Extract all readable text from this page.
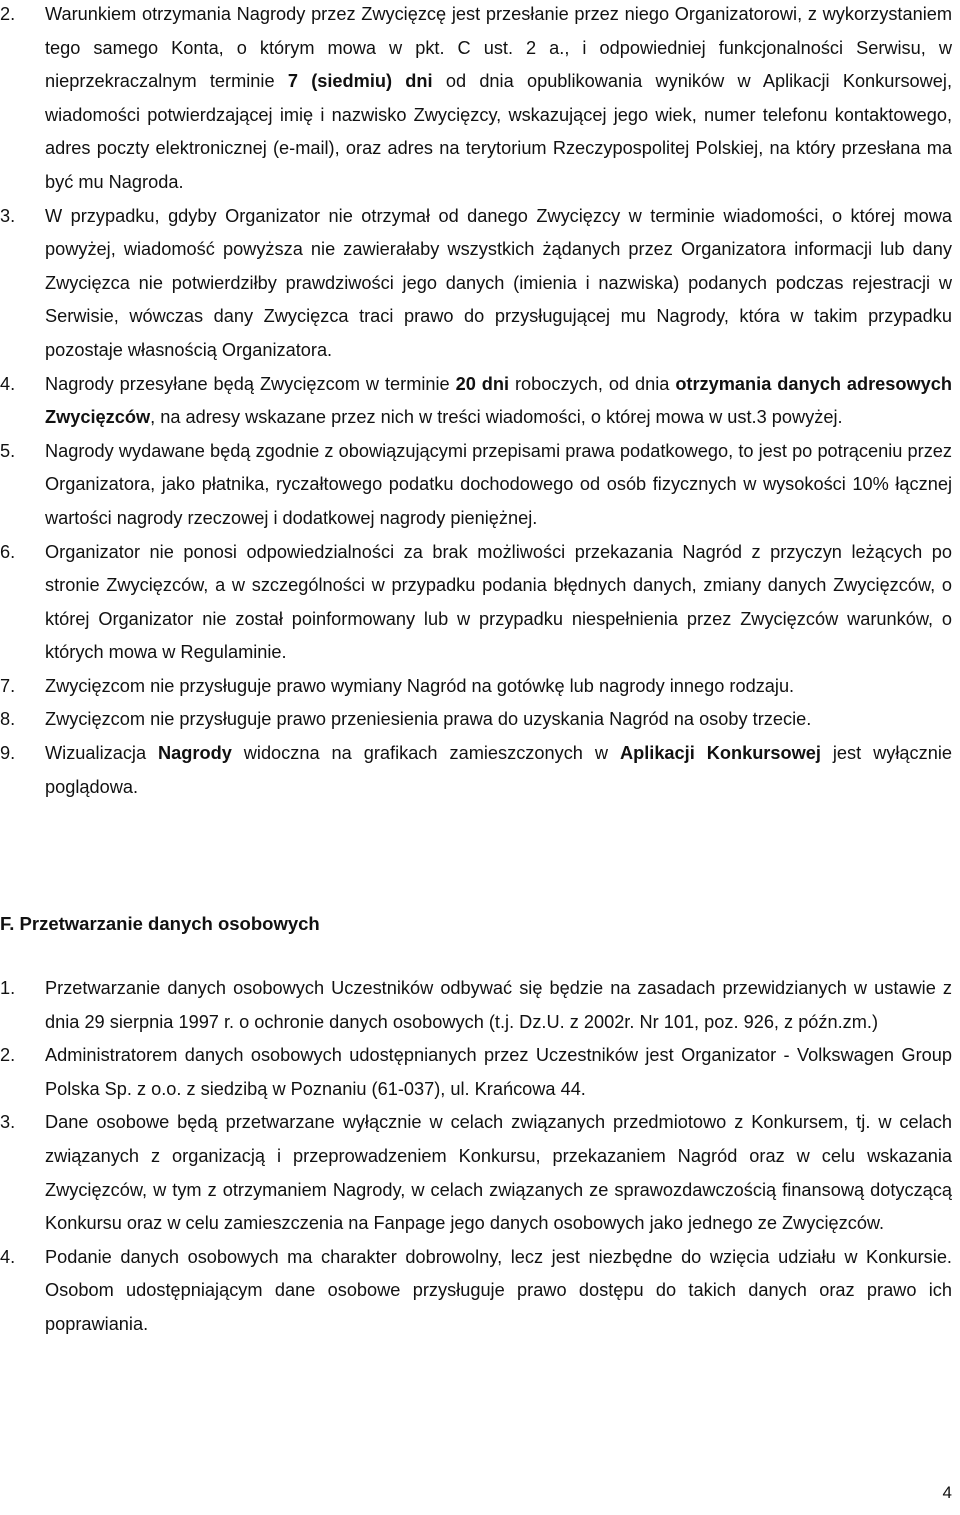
2.	Warunkiem otrzymania Nagrody przez Zwycięzcę jest przesłanie przez niego Organizatorowi, z wykorzystaniem tego samego Konta, o którym mowa w pkt. C ust. 2 a., i odpowiedniej funkcjonalności Serwisu, w nieprzekraczalnym terminie 7 (siedmiu) dni od dnia opublikowania wyników w Aplikacji Konkursowej, wiadomości potwierdzającej imię i nazwisko Zwycięzcy, wskazującej jego wiek, numer telefonu kontaktowego, adres poczty elektronicznej (e-mail), oraz adres na terytorium Rzeczypospolitej Polskiej, na który przesłana ma być mu Nagroda.
3.	W przypadku, gdyby Organizator nie otrzymał od danego Zwycięzcy w terminie wiadomości, o której mowa powyżej, wiadomość powyższa nie zawierałaby wszystkich żądanych przez Organizatora informacji lub dany Zwycięzca nie potwierdziłby prawdziwości jego danych (imienia i nazwiska) podanych podczas rejestracji w Serwisie, wówczas dany Zwycięzca traci prawo do przysługującej mu Nagrody, która w takim przypadku pozostaje własnością Organizatora.
4.	Nagrody przesyłane będą Zwycięzcom w terminie 20 dni roboczych, od dnia otrzymania danych adresowych Zwycięzców, na adresy wskazane przez nich w treści wiadomości, o której mowa w ust.3 powyżej.
5.	Nagrody wydawane będą zgodnie z obowiązującymi przepisami prawa podatkowego, to jest po potrąceniu przez Organizatora, jako płatnika, ryczałtowego podatku dochodowego od osób fizycznych w wysokości 10% łącznej wartości nagrody rzeczowej i dodatkowej nagrody pieniężnej.
6.	Organizator nie ponosi odpowiedzialności za brak możliwości przekazania Nagród z przyczyn leżących po stronie Zwycięzców, a w szczególności w przypadku podania błędnych danych, zmiany danych Zwycięzców, o której Organizator nie został poinformowany lub w przypadku niespełnienia przez Zwycięzców warunków, o których mowa w Regulaminie.
7.	Zwycięzcom nie przysługuje prawo wymiany Nagród na gotówkę lub nagrody innego rodzaju.
8.	Zwycięzcom nie przysługuje prawo przeniesienia prawa do uzyskania Nagród na osoby trzecie.
9.	Wizualizacja Nagrody widoczna na grafikach zamieszczonych w Aplikacji Konkursowej jest wyłącznie poglądowa.
F. Przetwarzanie danych osobowych
1.	Przetwarzanie danych osobowych Uczestników odbywać się będzie na zasadach przewidzianych w ustawie z dnia 29 sierpnia 1997 r. o ochronie danych osobowych (t.j. Dz.U. z 2002r. Nr 101, poz. 926, z późn.zm.)
2.	Administratorem danych osobowych udostępnianych przez Uczestników jest Organizator - Volkswagen Group Polska Sp. z o.o. z siedzibą w Poznaniu (61-037), ul. Krańcowa 44.
3.	Dane osobowe będą przetwarzane wyłącznie w celach związanych przedmiotowo z Konkursem, tj. w celach związanych z organizacją i przeprowadzeniem Konkursu, przekazaniem Nagród oraz w celu wskazania Zwycięzców, w tym z otrzymaniem Nagrody, w celach związanych ze sprawozdawczością finansową dotyczącą Konkursu oraz w celu zamieszczenia na Fanpage jego danych osobowych jako jednego ze Zwycięzców.
4.	Podanie danych osobowych ma charakter dobrowolny, lecz jest niezbędne do wzięcia udziału w Konkursie. Osobom udostępniającym dane osobowe przysługuje prawo dostępu do takich danych oraz prawo ich poprawiania.
4
